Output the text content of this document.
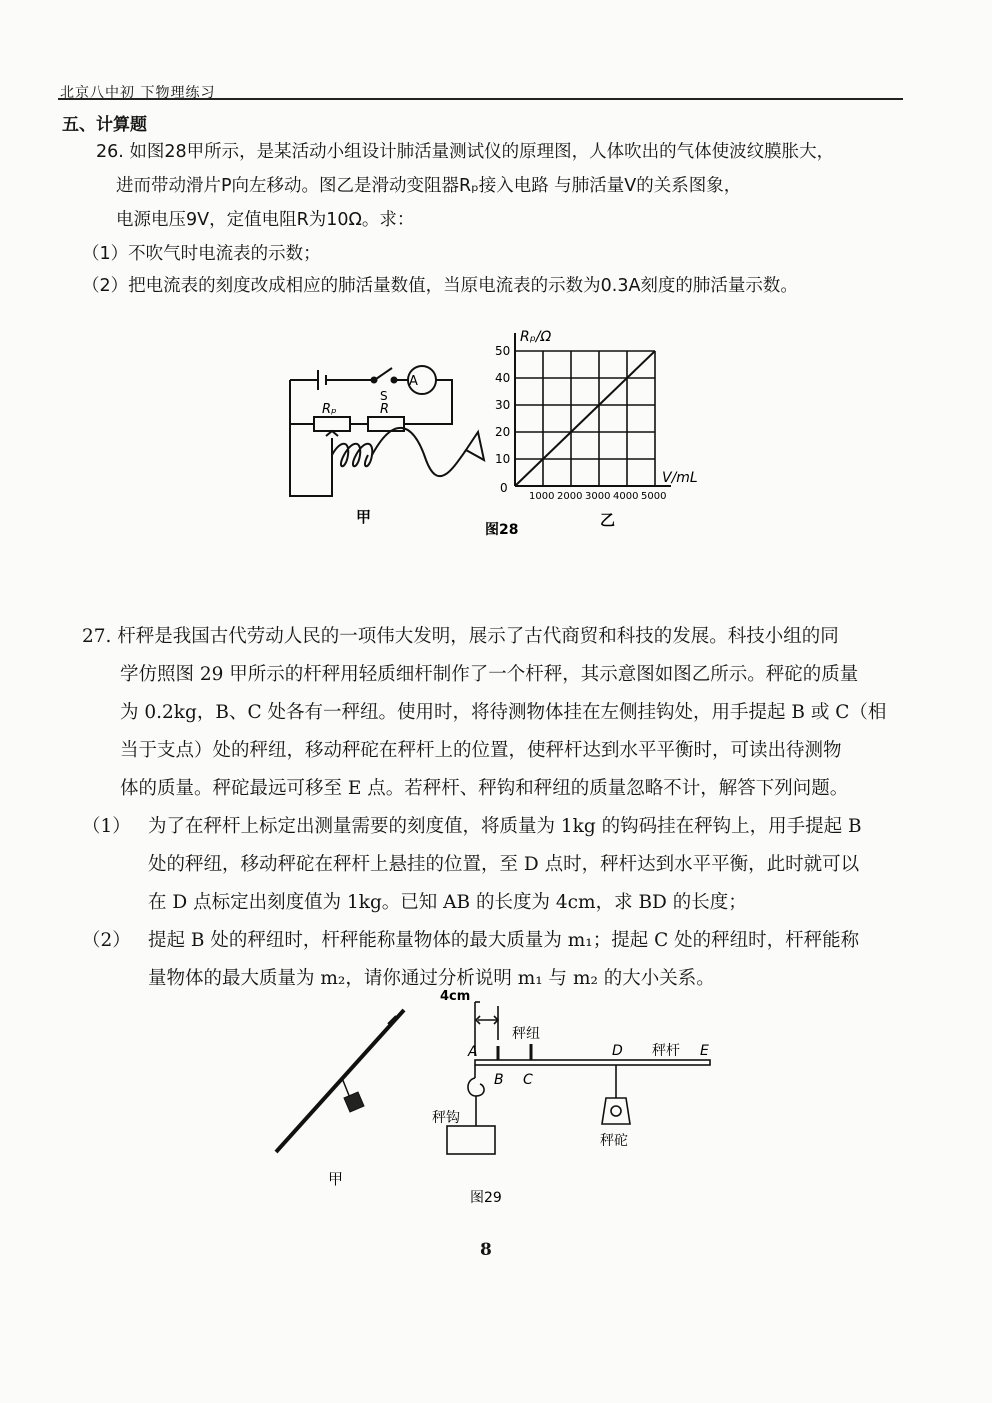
北京八中初 下物理练习
五、计算题
26. 如图28甲所示，是某活动小组设计肺活量测试仪的原理图，人体吹出的气体使波纹膜胀大，
进而带动滑片P向左移动。图乙是滑动变阻器Rₚ接入电路 与肺活量V的关系图象，
电源电压9V，定值电阻R为10Ω。求：
（1）不吹气时电流表的示数；
（2）把电流表的刻度改成相应的肺活量数值，当原电流表的示数为0.3A刻度的肺活量示数。
A
S
Rₚ	R
甲
1000 2000 3000 4000 5000
10
20
30
40
50
Rₚ/Ω
V/mL
0
乙
图28
27. 杆秤是我国古代劳动人民的一项伟大发明，展示了古代商贸和科技的发展。科技小组的同
学仿照图 29 甲所示的杆秤用轻质细杆制作了一个杆秤，其示意图如图乙所示。秤砣的质量
为 0.2kg，B、C 处各有一秤纽。使用时，将待测物体挂在左侧挂钩处，用手提起 B 或 C（相
当于支点）处的秤纽，移动秤砣在秤杆上的位置，使秤杆达到水平平衡时，可读出待测物
体的质量。秤砣最远可移至 E 点。若秤杆、秤钩和秤纽的质量忽略不计，解答下列问题。
（1） 为了在秤杆上标定出测量需要的刻度值，将质量为 1kg 的钩码挂在秤钩上，用手提起 B
处的秤纽，移动秤砣在秤杆上悬挂的位置，至 D 点时，秤杆达到水平平衡，此时就可以
在 D 点标定出刻度值为 1kg。已知 AB 的长度为 4cm，求 BD 的长度；
（2） 提起 B 处的秤纽时，杆秤能称量物体的最大质量为 m₁；提起 C 处的秤纽时，杆秤能称
量物体的最大质量为 m₂，请你通过分析说明 m₁ 与 m₂ 的大小关系。
甲
4cm
秤纽
A
B C
D 秤杆 E
秤钩
秤砣
图29
8
